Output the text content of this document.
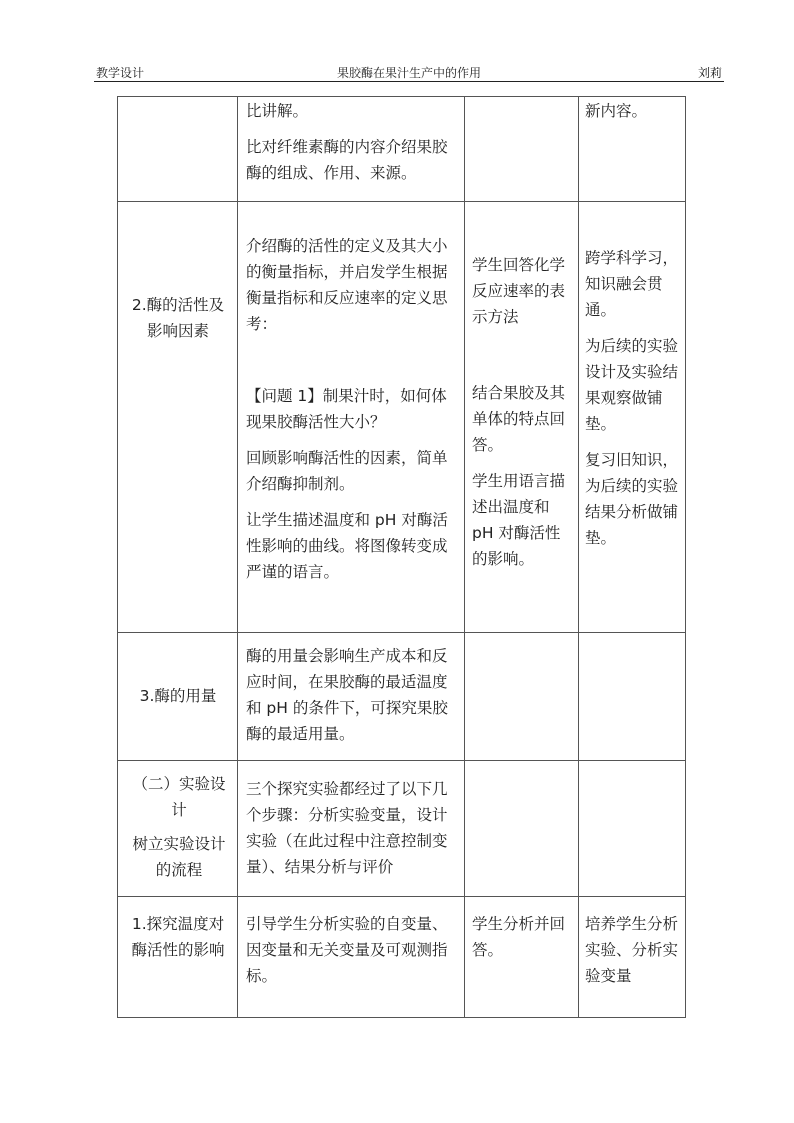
教学设计	果胶酶在果汁生产中的作用	刘莉

比讲解。

比对纤维素酶的内容介绍果胶酶的组成、作用、来源。

新内容。

2.酶的活性及影响因素

介绍酶的活性的定义及其大小的衡量指标，并启发学生根据衡量指标和反应速率的定义思考：

【问题 1】制果汁时，如何体现果胶酶活性大小？

回顾影响酶活性的因素，简单介绍酶抑制剂。

让学生描述温度和 pH 对酶活性影响的曲线。将图像转变成严谨的语言。

学生回答化学反应速率的表示方法

结合果胶及其单体的特点回答。

学生用语言描述出温度和 pH 对酶活性的影响。

跨学科学习，知识融会贯通。

为后续的实验设计及实验结果观察做铺垫。

复习旧知识，为后续的实验结果分析做铺垫。

3.酶的用量

酶的用量会影响生产成本和反应时间，在果胶酶的最适温度和 pH 的条件下，可探究果胶酶的最适用量。

（二）实验设计

树立实验设计的流程

三个探究实验都经过了以下几个步骤：分析实验变量，设计实验（在此过程中注意控制变量）、结果分析与评价

1.探究温度对酶活性的影响

引导学生分析实验的自变量、因变量和无关变量及可观测指标。

学生分析并回答。

培养学生分析实验、分析实验变量
